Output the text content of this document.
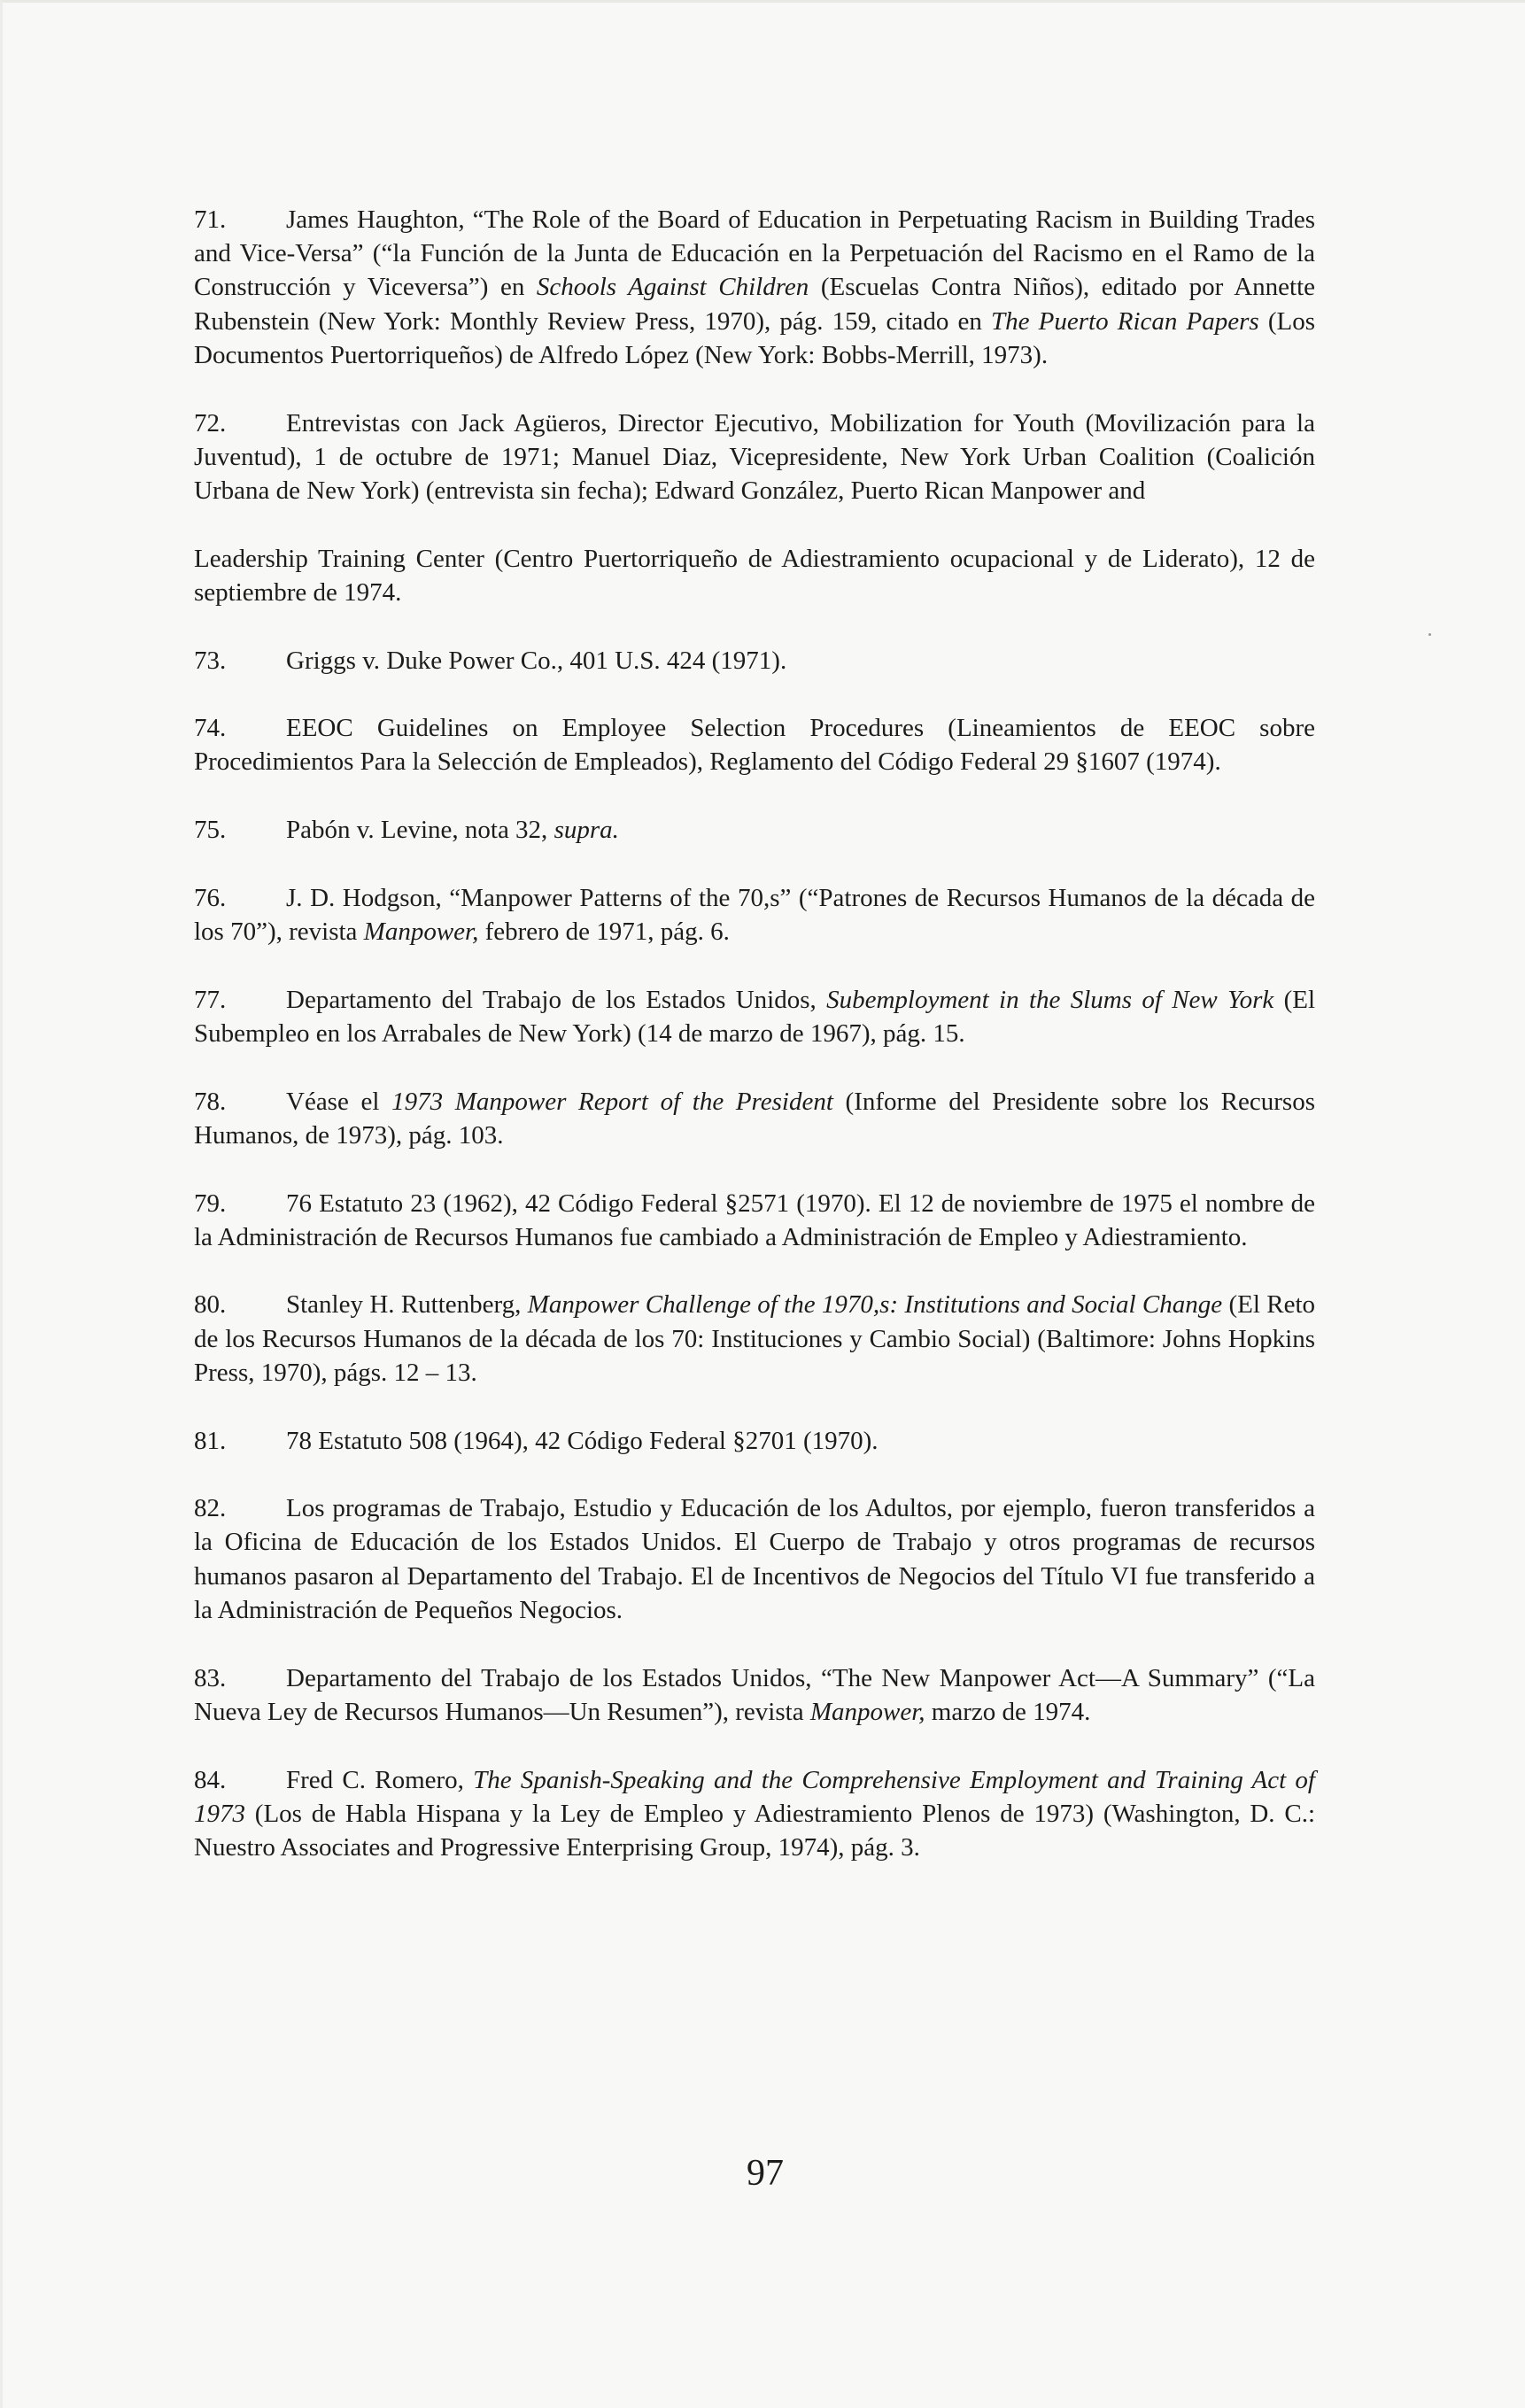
71. James Haughton, “The Role of the Board of Education in Perpetuating Racism in Building Trades and Vice-Versa” (“la Función de la Junta de Educación en la Perpetuación del Racismo en el Ramo de la Construcción y Viceversa”) en Schools Against Children (Escuelas Contra Niños), editado por Annette Rubenstein (New York: Monthly Review Press, 1970), pág. 159, citado en The Puerto Rican Papers (Los Documentos Puertorriqueños) de Alfredo López (New York: Bobbs-Merrill, 1973).

72. Entrevistas con Jack Agüeros, Director Ejecutivo, Mobilization for Youth (Movilización para la Juventud), 1 de octubre de 1971; Manuel Diaz, Vicepresidente, New York Urban Coalition (Coalición Urbana de New York) (entrevista sin fecha); Edward González, Puerto Rican Manpower and

Leadership Training Center (Centro Puertorriqueño de Adiestramiento ocupacional y de Liderato), 12 de septiembre de 1974.

73. Griggs v. Duke Power Co., 401 U.S. 424 (1971).

74. EEOC Guidelines on Employee Selection Procedures (Lineamientos de EEOC sobre Procedimientos Para la Selección de Empleados), Reglamento del Código Federal 29 §1607 (1974).

75. Pabón v. Levine, nota 32, supra.

76. J. D. Hodgson, “Manpower Patterns of the 70,s” (“Patrones de Recursos Humanos de la década de los 70”), revista Manpower, febrero de 1971, pág. 6.

77. Departamento del Trabajo de los Estados Unidos, Subemployment in the Slums of New York (El Subempleo en los Arrabales de New York) (14 de marzo de 1967), pág. 15.

78. Véase el 1973 Manpower Report of the President (Informe del Presidente sobre los Recursos Humanos, de 1973), pág. 103.

79. 76 Estatuto 23 (1962), 42 Código Federal §2571 (1970). El 12 de noviembre de 1975 el nombre de la Administración de Recursos Humanos fue cambiado a Administración de Empleo y Adiestramiento.

80. Stanley H. Ruttenberg, Manpower Challenge of the 1970,s: Institutions and Social Change (El Reto de los Recursos Humanos de la década de los 70: Instituciones y Cambio Social) (Baltimore: Johns Hopkins Press, 1970), págs. 12 – 13.

81. 78 Estatuto 508 (1964), 42 Código Federal §2701 (1970).

82. Los programas de Trabajo, Estudio y Educación de los Adultos, por ejemplo, fueron transferidos a la Oficina de Educación de los Estados Unidos. El Cuerpo de Trabajo y otros programas de recursos humanos pasaron al Departamento del Trabajo. El de Incentivos de Negocios del Título VI fue transferido a la Administración de Pequeños Negocios.

83. Departamento del Trabajo de los Estados Unidos, “The New Manpower Act—A Summary” (“La Nueva Ley de Recursos Humanos—Un Resumen”), revista Manpower, marzo de 1974.

84. Fred C. Romero, The Spanish-Speaking and the Comprehensive Employment and Training Act of 1973 (Los de Habla Hispana y la Ley de Empleo y Adiestramiento Plenos de 1973) (Washington, D. C.: Nuestro Associates and Progressive Enterprising Group, 1974), pág. 3.

97
